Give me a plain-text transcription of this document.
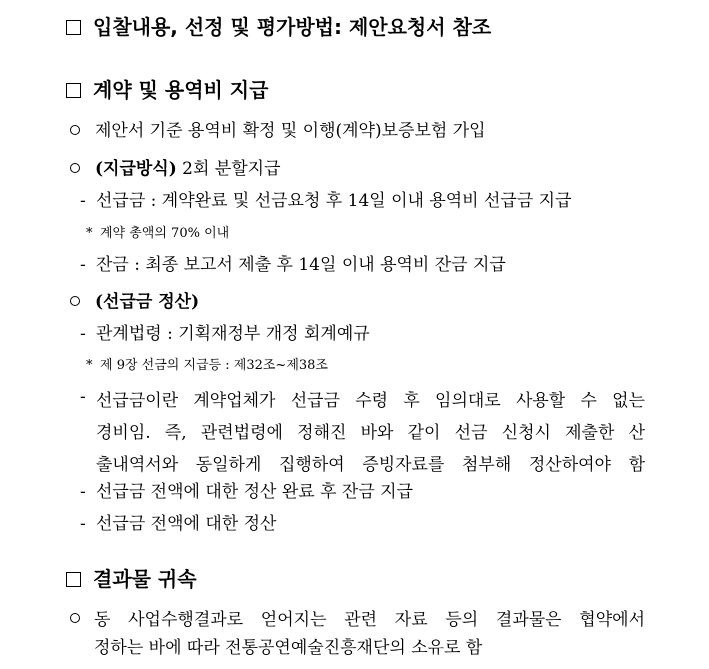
입찰내용, 선정 및 평가방법: 제안요청서 참조
계약 및 용역비 지급
제안서 기준 용역비 확정 및 이행(계약)보증보험 가입
(지급방식) 2회 분할지급
- 선급금 : 계약완료 및 선금요청 후 14일 이내 용역비 선급금 지급
* 계약 총액의 70% 이내
- 잔금 : 최종 보고서 제출 후 14일 이내 용역비 잔금 지급
(선급금 정산)
- 관계법령 : 기획재정부 개정 회계예규
* 제 9장 선금의 지급등 : 제32조~제38조
- 선급금이란 계약업체가 선급금 수령 후 임의대로 사용할 수 없는
경비임. 즉, 관련법령에 정해진 바와 같이 선금 신청시 제출한 산
출내역서와 동일하게 집행하여 증빙자료를 첨부해 정산하여야 함
- 선급금 전액에 대한 정산 완료 후 잔금 지급
- 선급금 전액에 대한 정산
결과물 귀속
동 사업수행결과로 얻어지는 관련 자료 등의 결과물은 협약에서
정하는 바에 따라 전통공연예술진흥재단의 소유로 함
